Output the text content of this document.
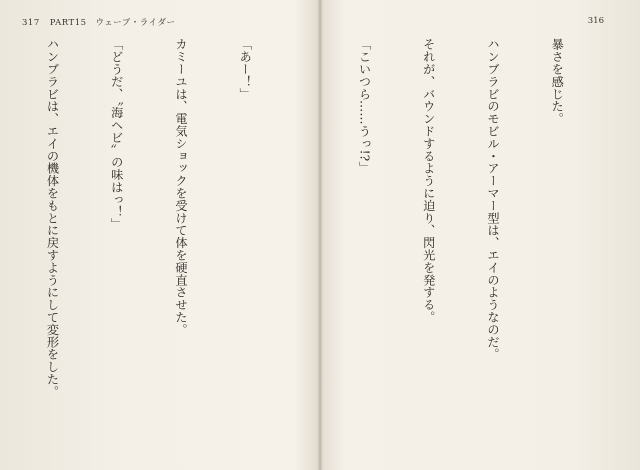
317 PART15　ウェーブ・ライダー

「あー！」

カミーユは、電気ショックを受けて体を硬直させた。

「どうだ、〝海ヘビ〟の味はっ！」

ハンブラビは、エイの機体をもとに戻すようにして変形をした。

316

暴さを感じた。

ハンブラビのモビル・アーマー型は、エイのようなのだ。

それが、バウンドするように迫り、閃光を発する。

「こいつら……うっ!?」
